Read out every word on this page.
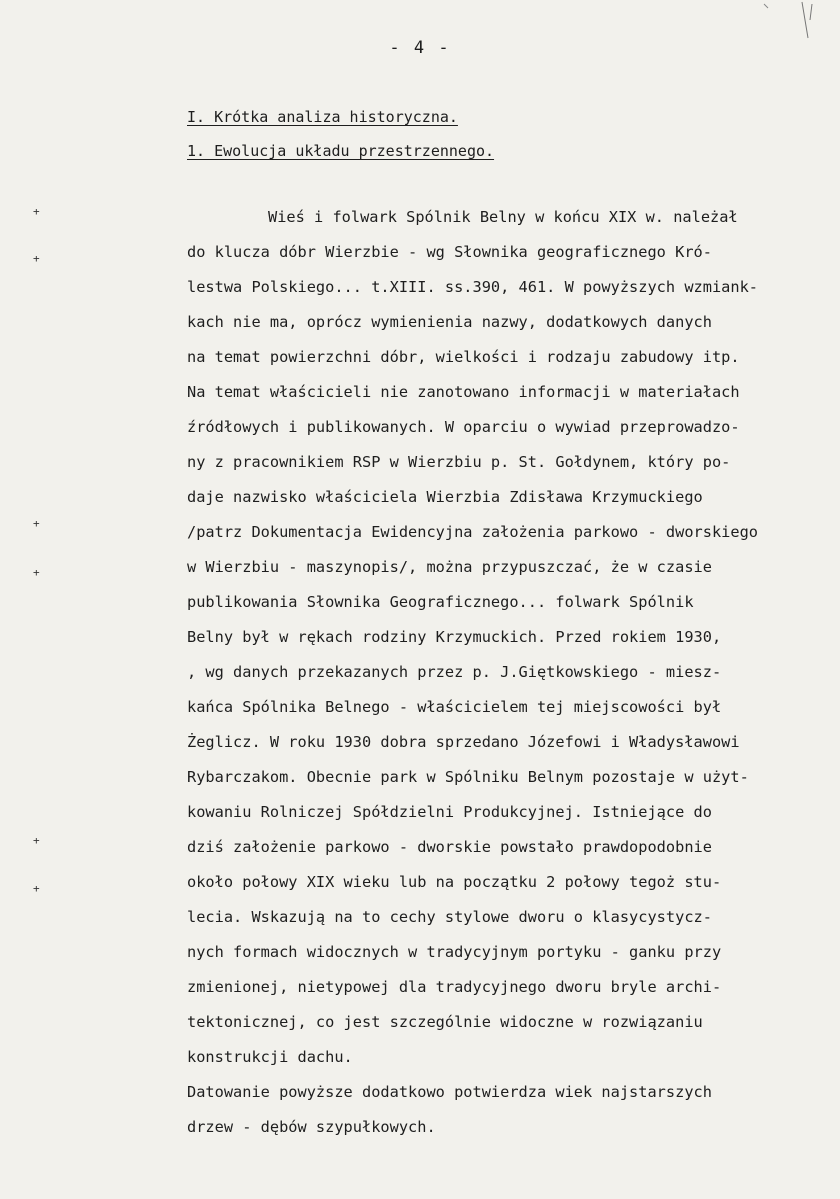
- 4 -
I. Krótka analiza historyczna.
1. Ewolucja układu przestrzennego.
Wieś i folwark Spólnik Belny w końcu XIX w. należał
do klucza dóbr Wierzbie - wg Słownika geograficznego Kró-
lestwa Polskiego... t.XIII. ss.390, 461. W powyższych wzmiank-
kach nie ma, oprócz wymienienia nazwy, dodatkowych danych
na temat powierzchni dóbr, wielkości i rodzaju zabudowy itp.
Na temat właścicieli nie zanotowano informacji w materiałach
źródłowych i publikowanych. W oparciu o wywiad przeprowadzo-
ny z pracownikiem RSP w Wierzbiu p. St. Gołdynem, który po-
daje nazwisko właściciela Wierzbia Zdisława Krzymuckiego
/patrz Dokumentacja Ewidencyjna założenia parkowo - dworskiego
w Wierzbiu - maszynopis/, można przypuszczać, że w czasie
publikowania Słownika Geograficznego... folwark Spólnik
Belny był w rękach rodziny Krzymuckich. Przed rokiem 1930,
, wg danych przekazanych przez p. J.Giętkowskiego - miesz-
kańca Spólnika Belnego - właścicielem tej miejscowości był
Żeglicz. W roku 1930 dobra sprzedano Józefowi i Władysławowi
Rybarczakom. Obecnie park w Spólniku Belnym pozostaje w użyt-
kowaniu Rolniczej Spółdzielni Produkcyjnej. Istniejące do
dziś założenie parkowo - dworskie powstało prawdopodobnie
około połowy XIX wieku lub na początku 2 połowy tegoż stu-
lecia. Wskazują na to cechy stylowe dworu o klasycystycz-
nych formach widocznych w tradycyjnym portyku - ganku przy
zmienionej, nietypowej dla tradycyjnego dworu bryle archi-
tektonicznej, co jest szczególnie widoczne w rozwiązaniu
konstrukcji dachu.
Datowanie powyższe dodatkowo potwierdza wiek najstarszych
drzew - dębów szypułkowych.
+
+
+
+
+
+
